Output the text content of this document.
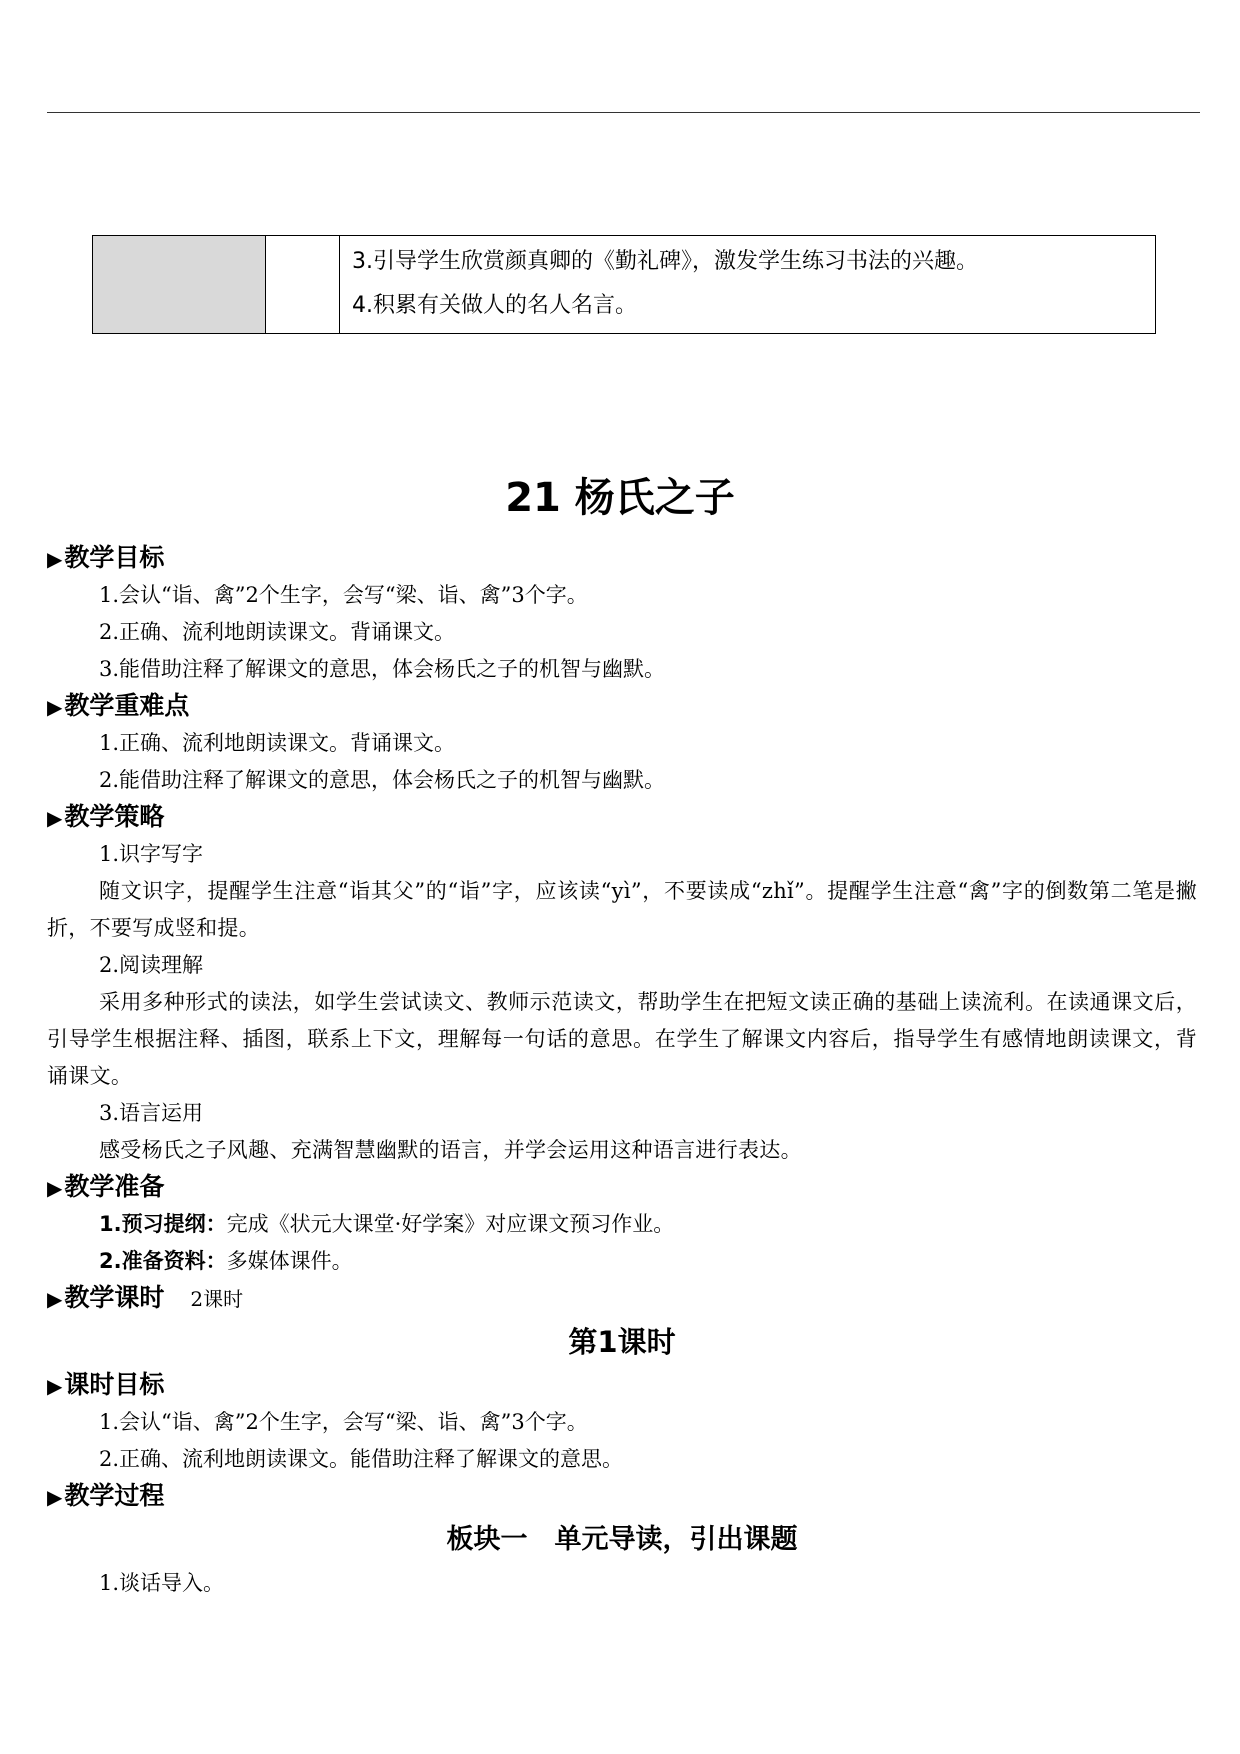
3.引导学生欣赏颜真卿的《勤礼碑》，激发学生练习书法的兴趣。
4.积累有关做人的名人名言。
21 杨氏之子
▶教学目标

1.会认“诣、禽”2个生字，会写“梁、诣、禽”3个字。

2.正确、流利地朗读课文。背诵课文。

3.能借助注释了解课文的意思，体会杨氏之子的机智与幽默。

▶教学重难点

1.正确、流利地朗读课文。背诵课文。

2.能借助注释了解课文的意思，体会杨氏之子的机智与幽默。

▶教学策略

1.识字写字

随文识字，提醒学生注意“诣其父”的“诣”字，应该读“yì”，不要读成“zhǐ”。提醒学生注意“禽”字的倒数第二笔是撇折，不要写成竖和提。

2.阅读理解

采用多种形式的读法，如学生尝试读文、教师示范读文，帮助学生在把短文读正确的基础上读流利。在读通课文后，引导学生根据注释、插图，联系上下文，理解每一句话的意思。在学生了解课文内容后，指导学生有感情地朗读课文，背诵课文。

3.语言运用

感受杨氏之子风趣、充满智慧幽默的语言，并学会运用这种语言进行表达。

▶教学准备

1.预习提纲：完成《状元大课堂·好学案》对应课文预习作业。

2.准备资料：多媒体课件。

▶教学课时 2课时
第1课时
▶课时目标

1.会认“诣、禽”2个生字，会写“梁、诣、禽”3个字。

2.正确、流利地朗读课文。能借助注释了解课文的意思。

▶教学过程
板块一　单元导读，引出课题

1.谈话导入。
